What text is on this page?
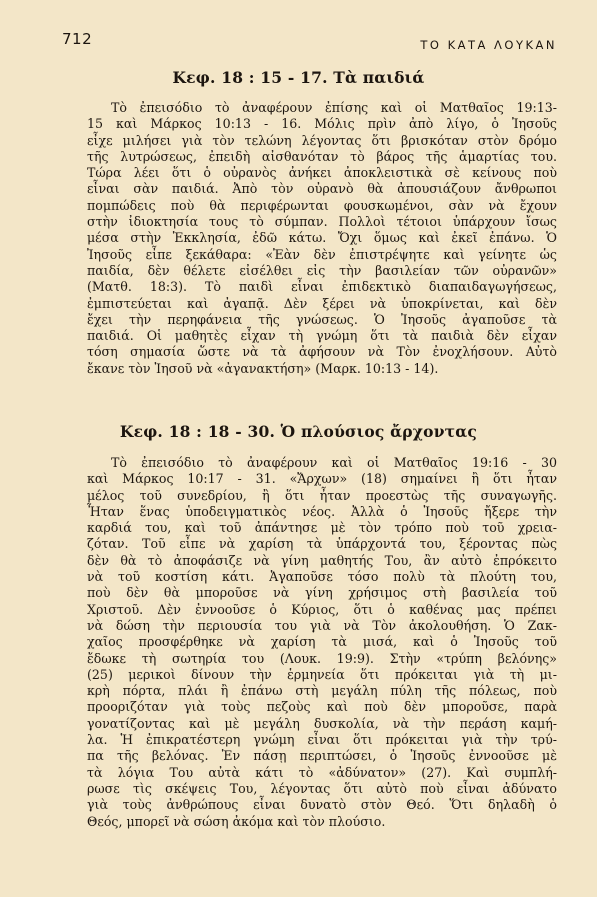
712	ΤΟ ΚΑΤΑ ΛΟΥΚΑΝ
Κεφ. 18 : 15 - 17. Τὰ παιδιά
Τὸ ἐπεισόδιο τὸ ἀναφέρουν ἐπίσης καὶ οἱ Ματθαῖος 19:13-
15 καὶ Μάρκος 10:13 - 16. Μόλις πρὶν ἀπὸ λίγο, ὁ Ἰησοῦς
εἶχε μιλήσει γιὰ τὸν τελώνη λέγοντας ὅτι βρισκόταν στὸν δρόμο
τῆς λυτρώσεως, ἐπειδὴ αἰσθανόταν τὸ βάρος τῆς ἁμαρτίας του.
Τώρα λέει ὅτι ὁ οὐρανὸς ἀνήκει ἀποκλειστικὰ σὲ κείνους ποὺ
εἶναι σὰν παιδιά. Ἀπὸ τὸν οὐρανὸ θὰ ἀπουσιάζουν ἄνθρωποι
πομπώδεις ποὺ θὰ περιφέρωνται φουσκωμένοι, σὰν νὰ ἔχουν
στὴν ἰδιοκτησία τους τὸ σύμπαν. Πολλοὶ τέτοιοι ὑπάρχουν ἴσως
μέσα στὴν Ἐκκλησία, ἐδῶ κάτω. Ὄχι ὅμως καὶ ἐκεῖ ἐπάνω. Ὁ
Ἰησοῦς εἶπε ξεκάθαρα: «Ἐὰν δὲν ἐπιστρέψητε καὶ γείνητε ὡς
παιδία, δὲν θέλετε εἰσέλθει εἰς τὴν βασιλείαν τῶν οὐρανῶν»
(Ματθ. 18:3). Τὸ παιδὶ εἶναι ἐπιδεκτικὸ διαπαιδαγωγήσεως,
ἐμπιστεύεται καὶ ἀγαπᾷ. Δὲν ξέρει νὰ ὑποκρίνεται, καὶ δὲν
ἔχει τὴν περηφάνεια τῆς γνώσεως. Ὁ Ἰησοῦς ἀγαποῦσε τὰ
παιδιά. Οἱ μαθητὲς εἶχαν τὴ γνώμη ὅτι τὰ παιδιὰ δὲν εἶχαν
τόση σημασία ὥστε νὰ τὰ ἀφήσουν νὰ Τὸν ἐνοχλήσουν. Αὐτὸ
ἔκανε τὸν Ἰησοῦ νὰ «ἀγανακτήση» (Μαρκ. 10:13 - 14).
Κεφ. 18 : 18 - 30. Ὁ πλούσιος ἄρχοντας
Τὸ ἐπεισόδιο τὸ ἀναφέρουν καὶ οἱ Ματθαῖος 19:16 - 30
καὶ Μάρκος 10:17 - 31. «Ἄρχων» (18) σημαίνει ἢ ὅτι ἦταν
μέλος τοῦ συνεδρίου, ἢ ὅτι ἦταν προεστὼς τῆς συναγωγῆς.
Ἦταν ἕνας ὑποδειγματικὸς νέος. Ἀλλὰ ὁ Ἰησοῦς ἤξερε τὴν
καρδιά του, καὶ τοῦ ἀπάντησε μὲ τὸν τρόπο ποὺ τοῦ χρεια-
ζόταν. Τοῦ εἶπε νὰ χαρίση τὰ ὑπάρχοντά του, ξέροντας πὼς
δὲν θὰ τὸ ἀποφάσιζε νὰ γίνη μαθητής Του, ἂν αὐτὸ ἐπρόκειτο
νὰ τοῦ κοστίση κάτι. Ἀγαποῦσε τόσο πολὺ τὰ πλούτη του,
ποὺ δὲν θὰ μποροῦσε νὰ γίνη χρήσιμος στὴ βασιλεία τοῦ
Χριστοῦ. Δὲν ἐννοοῦσε ὁ Κύριος, ὅτι ὁ καθένας μας πρέπει
νὰ δώση τὴν περιουσία του γιὰ νὰ Τὸν ἀκολουθήση. Ὁ Ζακ-
χαῖος προσφέρθηκε νὰ χαρίση τὰ μισά, καὶ ὁ Ἰησοῦς τοῦ
ἔδωκε τὴ σωτηρία του (Λουκ. 19:9). Στὴν «τρύπη βελόνης»
(25) μερικοὶ δίνουν τὴν ἑρμηνεία ὅτι πρόκειται γιὰ τὴ μι-
κρὴ πόρτα, πλάι ἢ ἐπάνω στὴ μεγάλη πύλη τῆς πόλεως, ποὺ
προοριζόταν γιὰ τοὺς πεζοὺς καὶ ποὺ δὲν μποροῦσε, παρὰ
γονατίζοντας καὶ μὲ μεγάλη δυσκολία, νὰ τὴν περάση καμή-
λα. Ἡ ἐπικρατέστερη γνώμη εἶναι ὅτι πρόκειται γιὰ τὴν τρύ-
πα τῆς βελόνας. Ἐν πάσῃ περιπτώσει, ὁ Ἰησοῦς ἐννοοῦσε μὲ
τὰ λόγια Του αὐτὰ κάτι τὸ «ἀδύνατον» (27). Καὶ συμπλή-
ρωσε τὶς σκέψεις Του, λέγοντας ὅτι αὐτὸ ποὺ εἶναι ἀδύνατο
γιὰ τοὺς ἀνθρώπους εἶναι δυνατὸ στὸν Θεό. Ὅτι δηλαδὴ ὁ
Θεός, μπορεῖ νὰ σώση ἀκόμα καὶ τὸν πλούσιο.
